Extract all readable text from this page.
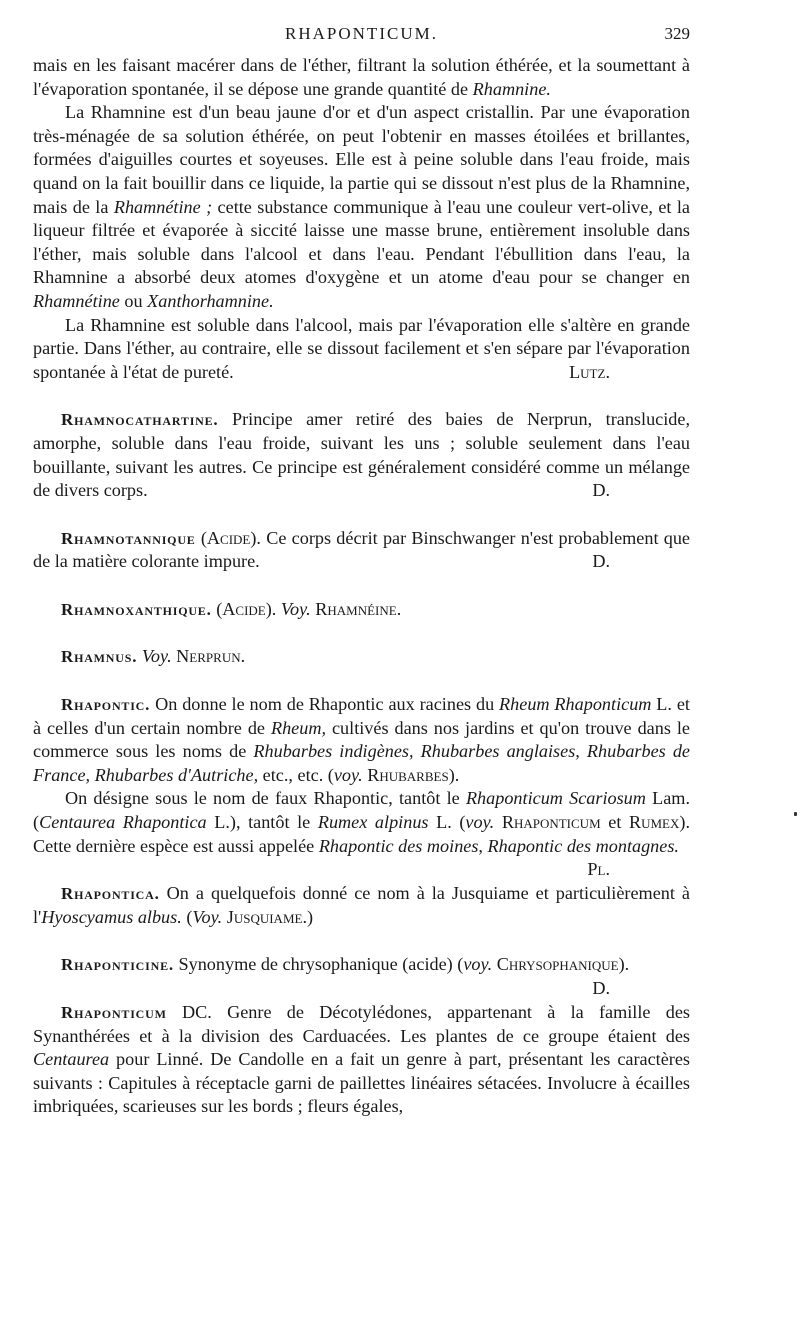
RHAPONTICUM.	329

mais en les faisant macérer dans de l'éther, filtrant la solution éthérée, et la soumettant à l'évaporation spontanée, il se dépose une grande quantité de Rhamnine.

La Rhamnine est d'un beau jaune d'or et d'un aspect cristallin. Par une évaporation très-ménagée de sa solution éthérée, on peut l'obtenir en masses étoilées et brillantes, formées d'aiguilles courtes et soyeuses. Elle est à peine soluble dans l'eau froide, mais quand on la fait bouillir dans ce liquide, la partie qui se dissout n'est plus de la Rhamnine, mais de la Rhamnétine ; cette substance communique à l'eau une couleur vert-olive, et la liqueur filtrée et évaporée à siccité laisse une masse brune, entièrement insoluble dans l'éther, mais soluble dans l'alcool et dans l'eau. Pendant l'ébullition dans l'eau, la Rhamnine a absorbé deux atomes d'oxygène et un atome d'eau pour se changer en Rhamnétine ou Xanthorhamnine.

La Rhamnine est soluble dans l'alcool, mais par l'évaporation elle s'altère en grande partie. Dans l'éther, au contraire, elle se dissout facilement et s'en sépare par l'évaporation spontanée à l'état de pureté.	Lutz.

Rhamnocathartine. Principe amer retiré des baies de Nerprun, translucide, amorphe, soluble dans l'eau froide, suivant les uns ; soluble seulement dans l'eau bouillante, suivant les autres. Ce principe est généralement considéré comme un mélange de divers corps.	D.

Rhamnotannique (Acide). Ce corps décrit par Binschwanger n'est probablement que de la matière colorante impure.	D.

Rhamnoxanthique. (Acide). Voy. Rhamnéine.

Rhamnus. Voy. Nerprun.

Rhapontic. On donne le nom de Rhapontic aux racines du Rheum Rhaponticum L. et à celles d'un certain nombre de Rheum, cultivés dans nos jardins et qu'on trouve dans le commerce sous les noms de Rhubarbes indigènes, Rhubarbes anglaises, Rhubarbes de France, Rhubarbes d'Autriche, etc., etc. (voy. Rhubarbes).

On désigne sous le nom de faux Rhapontic, tantôt le Rhaponticum Scariosum Lam. (Centaurea Rhapontica L.), tantôt le Rumex alpinus L. (voy. Rhaponticum et Rumex). Cette dernière espèce est aussi appelée Rhapontic des moines, Rhapontic des montagnes.
Pl.

Rhapontica. On a quelquefois donné ce nom à la Jusquiame et particulièrement à l'Hyoscyamus albus. (Voy. Jusquiame.)

Rhaponticine. Synonyme de chrysophanique (acide) (voy. Chrysophanique).
D.

Rhaponticum DC. Genre de Décotylédones, appartenant à la famille des Synanthérées et à la division des Carduacées. Les plantes de ce groupe étaient des Centaurea pour Linné. De Candolle en a fait un genre à part, présentant les caractères suivants : Capitules à réceptacle garni de paillettes linéaires sétacées. Involucre à écailles imbriquées, scarieuses sur les bords ; fleurs égales,
